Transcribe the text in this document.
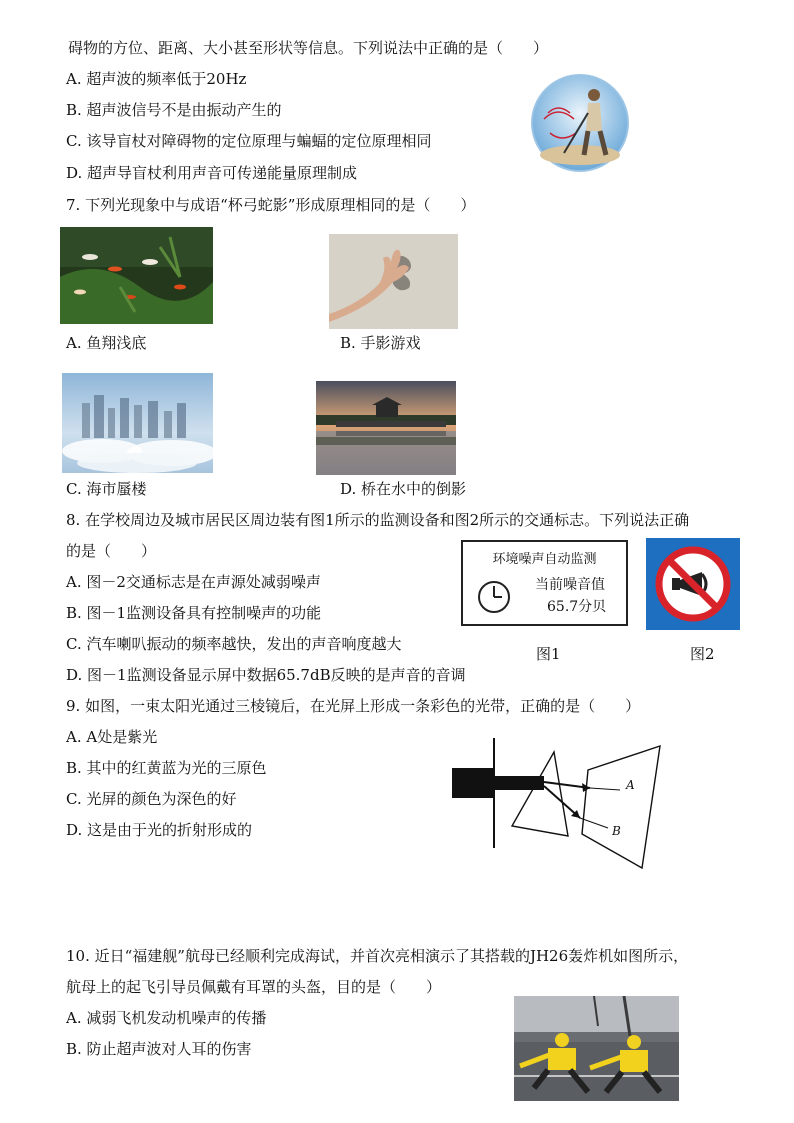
碍物的方位、距离、大小甚至形状等信息。下列说法中正确的是（　　）
A. 超声波的频率低于20Hz
B. 超声波信号不是由振动产生的
C. 该导盲杖对障碍物的定位原理与蝙蝠的定位原理相同
D. 超声导盲杖利用声音可传递能量原理制成
7. 下列光现象中与成语“杯弓蛇影”形成原理相同的是（　　）
A. 鱼翔浅底	B. 手影游戏
C. 海市蜃楼	D. 桥在水中的倒影
8. 在学校周边及城市居民区周边装有图1所示的监测设备和图2所示的交通标志。下列说法正确
的是（　　）
A. 图－2交通标志是在声源处减弱噪声
B. 图－1监测设备具有控制噪声的功能
C. 汽车喇叭振动的频率越快，发出的声音响度越大
D. 图－1监测设备显示屏中数据65.7dB反映的是声音的音调
环境噪声自动监测
当前噪音值
65.7分贝
图1	图2
9. 如图，一束太阳光通过三棱镜后，在光屏上形成一条彩色的光带，正确的是（　　）
A. A处是紫光
B. 其中的红黄蓝为光的三原色
C. 光屏的颜色为深色的好
D. 这是由于光的折射形成的
A
B
10. 近日“福建舰”航母已经顺利完成海试，并首次亮相演示了其搭载的JH26轰炸机如图所示，
航母上的起飞引导员佩戴有耳罩的头盔，目的是（　　）
A. 减弱飞机发动机噪声的传播
B. 防止超声波对人耳的伤害
